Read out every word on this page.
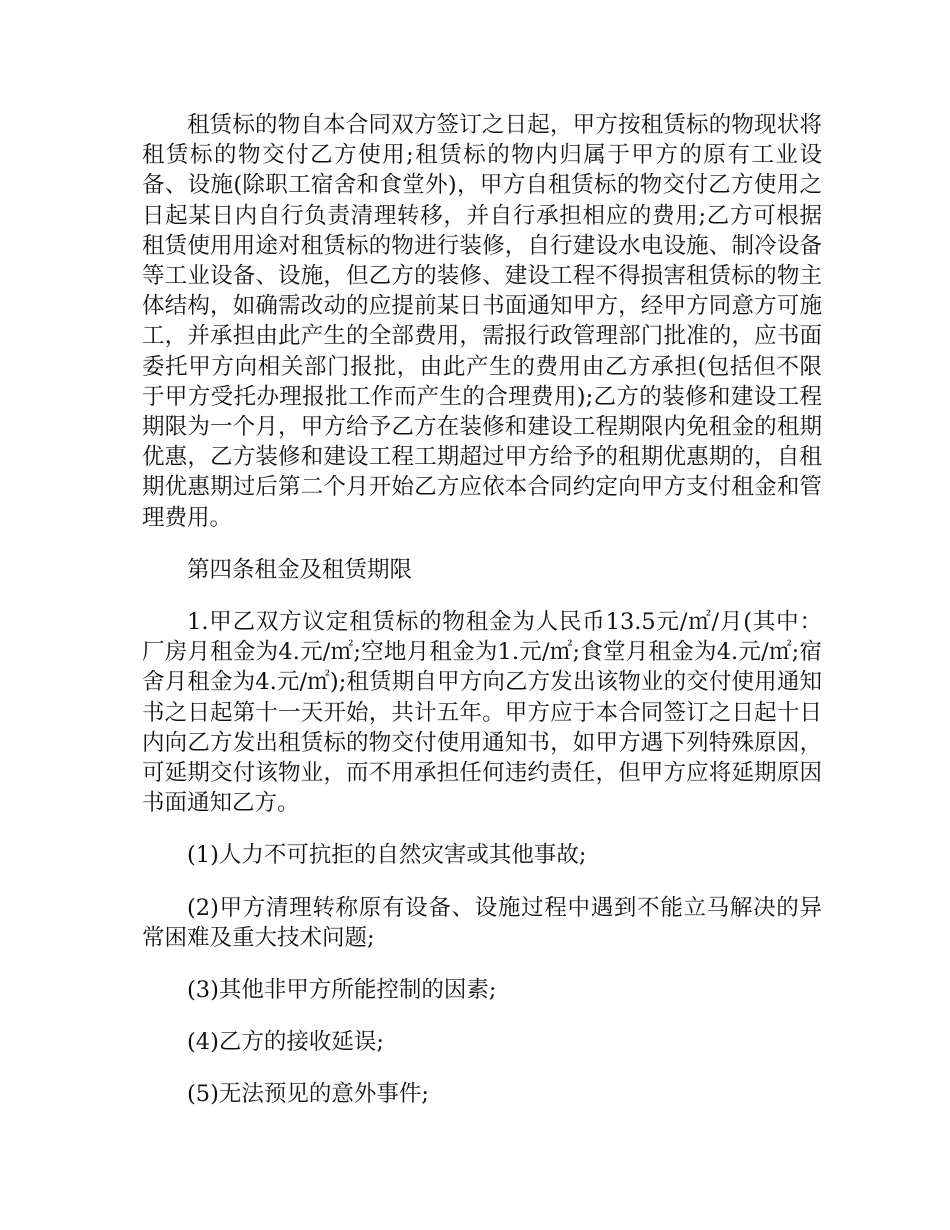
租赁标的物自本合同双方签订之日起，甲方按租赁标的物现状将租赁标的物交付乙方使用;租赁标的物内归属于甲方的原有工业设备、设施(除职工宿舍和食堂外)，甲方自租赁标的物交付乙方使用之日起某日内自行负责清理转移，并自行承担相应的费用;乙方可根据租赁使用用途对租赁标的物进行装修，自行建设水电设施、制冷设备等工业设备、设施，但乙方的装修、建设工程不得损害租赁标的物主体结构，如确需改动的应提前某日书面通知甲方，经甲方同意方可施工，并承担由此产生的全部费用，需报行政管理部门批准的，应书面委托甲方向相关部门报批，由此产生的费用由乙方承担(包括但不限于甲方受托办理报批工作而产生的合理费用);乙方的装修和建设工程期限为一个月，甲方给予乙方在装修和建设工程期限内免租金的租期优惠，乙方装修和建设工程工期超过甲方给予的租期优惠期的，自租期优惠期过后第二个月开始乙方应依本合同约定向甲方支付租金和管理费用。

第四条租金及租赁期限

1.甲乙双方议定租赁标的物租金为人民币13.5元/㎡/月(其中：厂房月租金为4.元/㎡;空地月租金为1.元/㎡;食堂月租金为4.元/㎡;宿舍月租金为4.元/㎡);租赁期自甲方向乙方发出该物业的交付使用通知书之日起第十一天开始，共计五年。甲方应于本合同签订之日起十日内向乙方发出租赁标的物交付使用通知书，如甲方遇下列特殊原因，可延期交付该物业，而不用承担任何违约责任，但甲方应将延期原因书面通知乙方。

(1)人力不可抗拒的自然灾害或其他事故;

(2)甲方清理转称原有设备、设施过程中遇到不能立马解决的异常困难及重大技术问题;

(3)其他非甲方所能控制的因素;

(4)乙方的接收延误;

(5)无法预见的意外事件;
